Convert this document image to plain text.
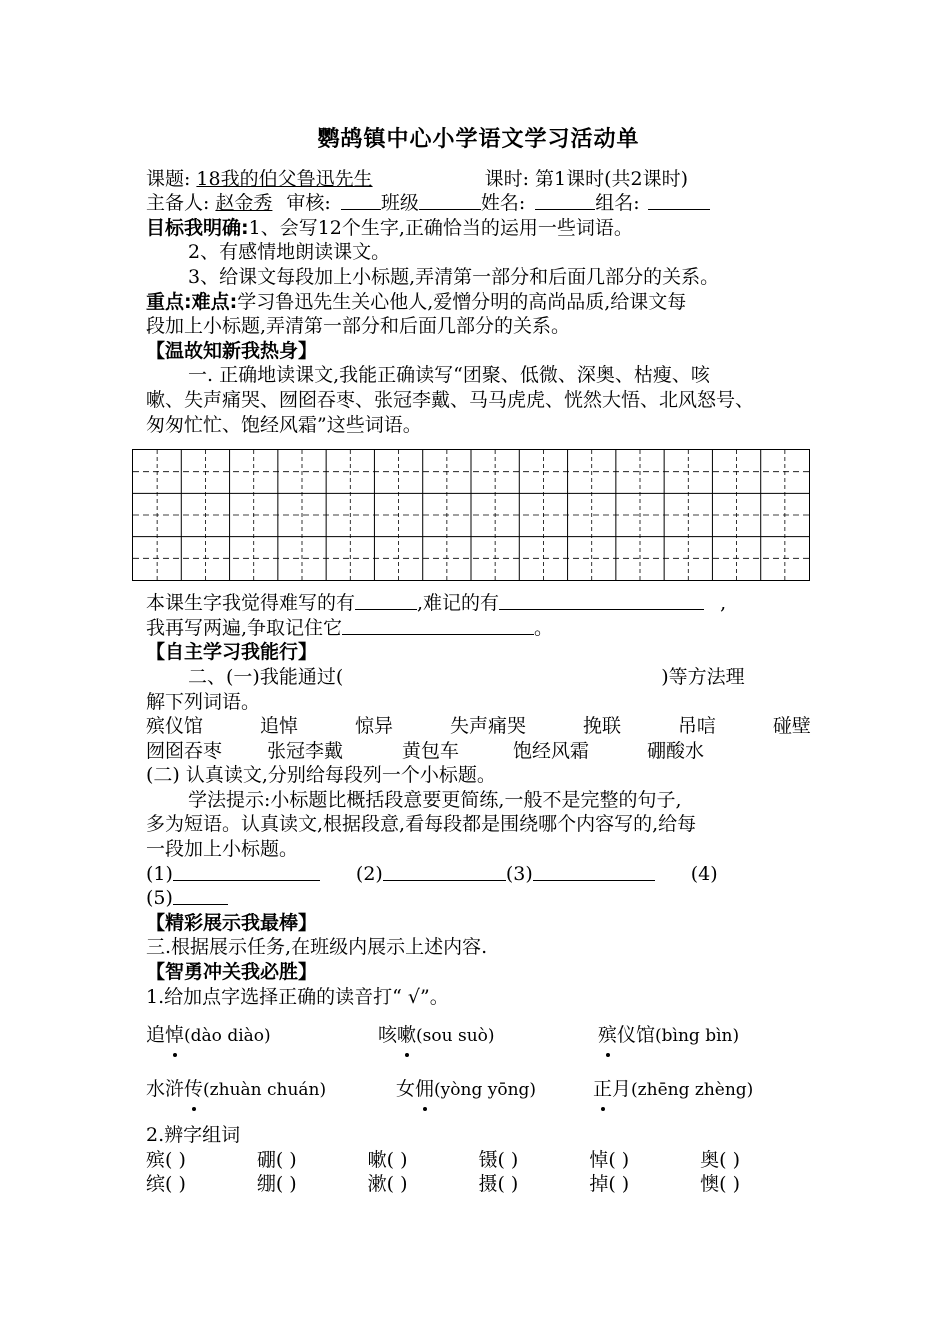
鹦鸪镇中心小学语文学习活动单
课题: 18我的伯父鲁迅先生	课时: 第1课时(共2课时)
主备人: 赵金秀 审核:	班级	姓名:	组名:

目标我明确:1、会写12个生字,正确恰当的运用一些词语。

2、有感情地朗读课文。

3、给课文每段加上小标题,弄清第一部分和后面几部分的关系。

重点:难点:学习鲁迅先生关心他人,爱憎分明的高尚品质,给课文每

段加上小标题,弄清第一部分和后面几部分的关系。

【温故知新我热身】

一. 正确地读课文,我能正确读写“团聚、低微、深奥、枯瘦、咳

嗽、失声痛哭、囫囵吞枣、张冠李戴、马马虎虎、恍然大悟、北风怒号、

匆匆忙忙、饱经风霜”这些词语。

本课生字我觉得难写的有	,难记的有	,
我再写两遍,争取记住它	。

【自主学习我能行】

二、(一)我能通过(	)等方法理

解下列词语。

殡仪馆	追悼	惊异	失声痛哭	挽联	吊唁	碰壁
囫囵吞枣	张冠李戴	黄包车	饱经风霜	硼酸水

(二) 认真读文,分别给每段列一个小标题。

学法提示:小标题比概括段意要更简练,一般不是完整的句子,

多为短语。认真读文,根据段意,看每段都是围绕哪个内容写的,给每

一段加上小标题。

(1)	(2)	(3)	(4)
(5)

【精彩展示我最棒】

三.根据展示任务,在班级内展示上述内容.

【智勇冲关我必胜】

1.给加点字选择正确的读音打“ √”。

追悼(dào diào)	咳嗽(sou suò)	殡仪馆(bìng bìn)
水浒传(zhuàn chuán)	女佣(yòng yōng)	正月(zhēng zhèng)

2.辨字组词

殡( )	硼( )	嗽( )	镊( )	悼( )	奥( )
缤( )	绷( )	漱( )	摄( )	掉( )	懊( )
